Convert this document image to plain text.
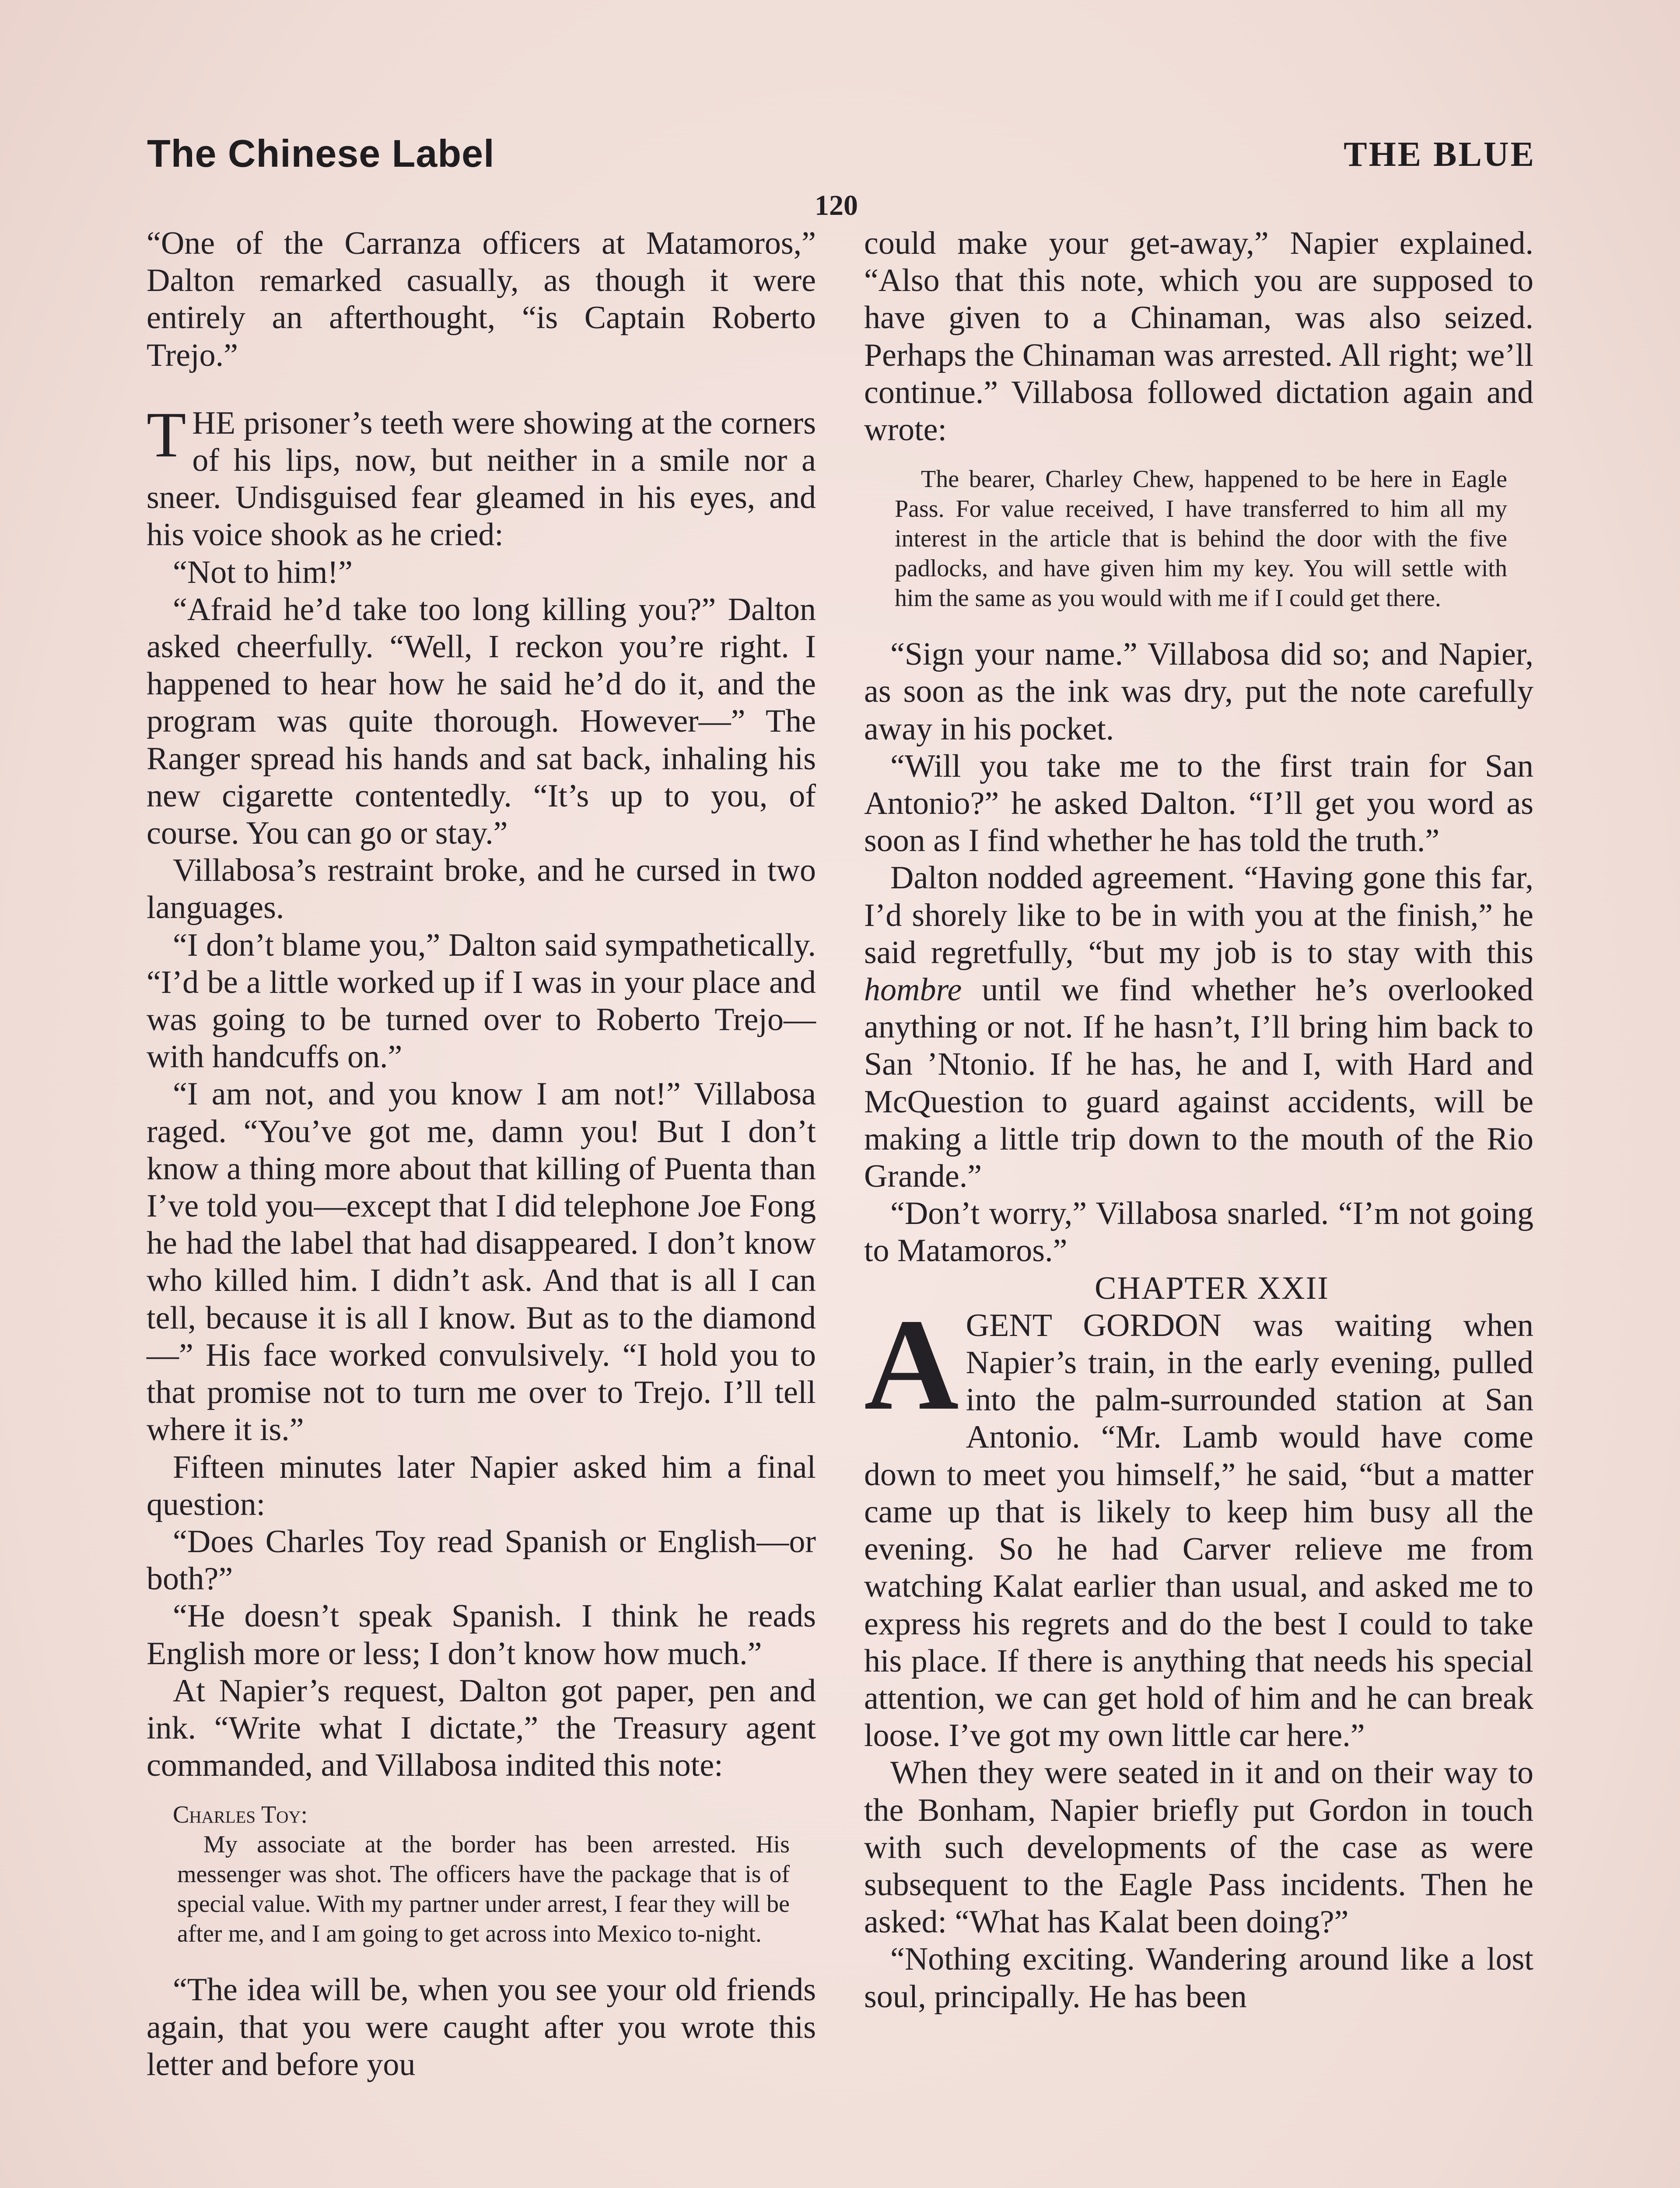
The Chinese Label	THE BLUE
120

“One of the Carranza officers at Matamoros,” Dalton remarked casually, as though it were entirely an afterthought, “is Captain Roberto Trejo.”

THE prisoner’s teeth were showing at the corners of his lips, now, but neither in a smile nor a sneer. Undisguised fear gleamed in his eyes, and his voice shook as he cried:

“Not to him!”

“Afraid he’d take too long killing you?” Dalton asked cheerfully. “Well, I reckon you’re right. I happened to hear how he said he’d do it, and the program was quite thorough. However—” The Ranger spread his hands and sat back, inhaling his new cigarette contentedly. “It’s up to you, of course. You can go or stay.”

Villabosa’s restraint broke, and he cursed in two languages.

“I don’t blame you,” Dalton said sympathetically. “I’d be a little worked up if I was in your place and was going to be turned over to Roberto Trejo—with handcuffs on.”

“I am not, and you know I am not!” Villabosa raged. “You’ve got me, damn you! But I don’t know a thing more about that killing of Puenta than I’ve told you—except that I did telephone Joe Fong he had the label that had disappeared. I don’t know who killed him. I didn’t ask. And that is all I can tell, because it is all I know. But as to the diamond—” His face worked convulsively. “I hold you to that promise not to turn me over to Trejo. I’ll tell where it is.”

Fifteen minutes later Napier asked him a final question:

“Does Charles Toy read Spanish or English—or both?”

“He doesn’t speak Spanish. I think he reads English more or less; I don’t know how much.”

At Napier’s request, Dalton got paper, pen and ink. “Write what I dictate,” the Treasury agent commanded, and Villabosa indited this note:

Charles Toy:

My associate at the border has been arrested. His messenger was shot. The officers have the package that is of special value. With my partner under arrest, I fear they will be after me, and I am going to get across into Mexico to-night.

“The idea will be, when you see your old friends again, that you were caught after you wrote this letter and before you

could make your get-away,” Napier explained. “Also that this note, which you are supposed to have given to a Chinaman, was also seized. Perhaps the Chinaman was arrested. All right; we’ll continue.” Villabosa followed dictation again and wrote:

The bearer, Charley Chew, happened to be here in Eagle Pass. For value received, I have transferred to him all my interest in the article that is behind the door with the five padlocks, and have given him my key. You will settle with him the same as you would with me if I could get there.

“Sign your name.” Villabosa did so; and Napier, as soon as the ink was dry, put the note carefully away in his pocket.

“Will you take me to the first train for San Antonio?” he asked Dalton. “I’ll get you word as soon as I find whether he has told the truth.”

Dalton nodded agreement. “Having gone this far, I’d shorely like to be in with you at the finish,” he said regretfully, “but my job is to stay with this hombre until we find whether he’s overlooked anything or not. If he hasn’t, I’ll bring him back to San ’Ntonio. If he has, he and I, with Hard and McQuestion to guard against accidents, will be making a little trip down to the mouth of the Rio Grande.”

“Don’t worry,” Villabosa snarled. “I’m not going to Matamoros.”

CHAPTER XXII

AGENT GORDON was waiting when Napier’s train, in the early evening, pulled into the palm-surrounded station at San Antonio. “Mr. Lamb would have come down to meet you himself,” he said, “but a matter came up that is likely to keep him busy all the evening. So he had Carver relieve me from watching Kalat earlier than usual, and asked me to express his regrets and do the best I could to take his place. If there is anything that needs his special attention, we can get hold of him and he can break loose. I’ve got my own little car here.”

When they were seated in it and on their way to the Bonham, Napier briefly put Gordon in touch with such developments of the case as were subsequent to the Eagle Pass incidents. Then he asked: “What has Kalat been doing?”

“Nothing exciting. Wandering around like a lost soul, principally. He has been
